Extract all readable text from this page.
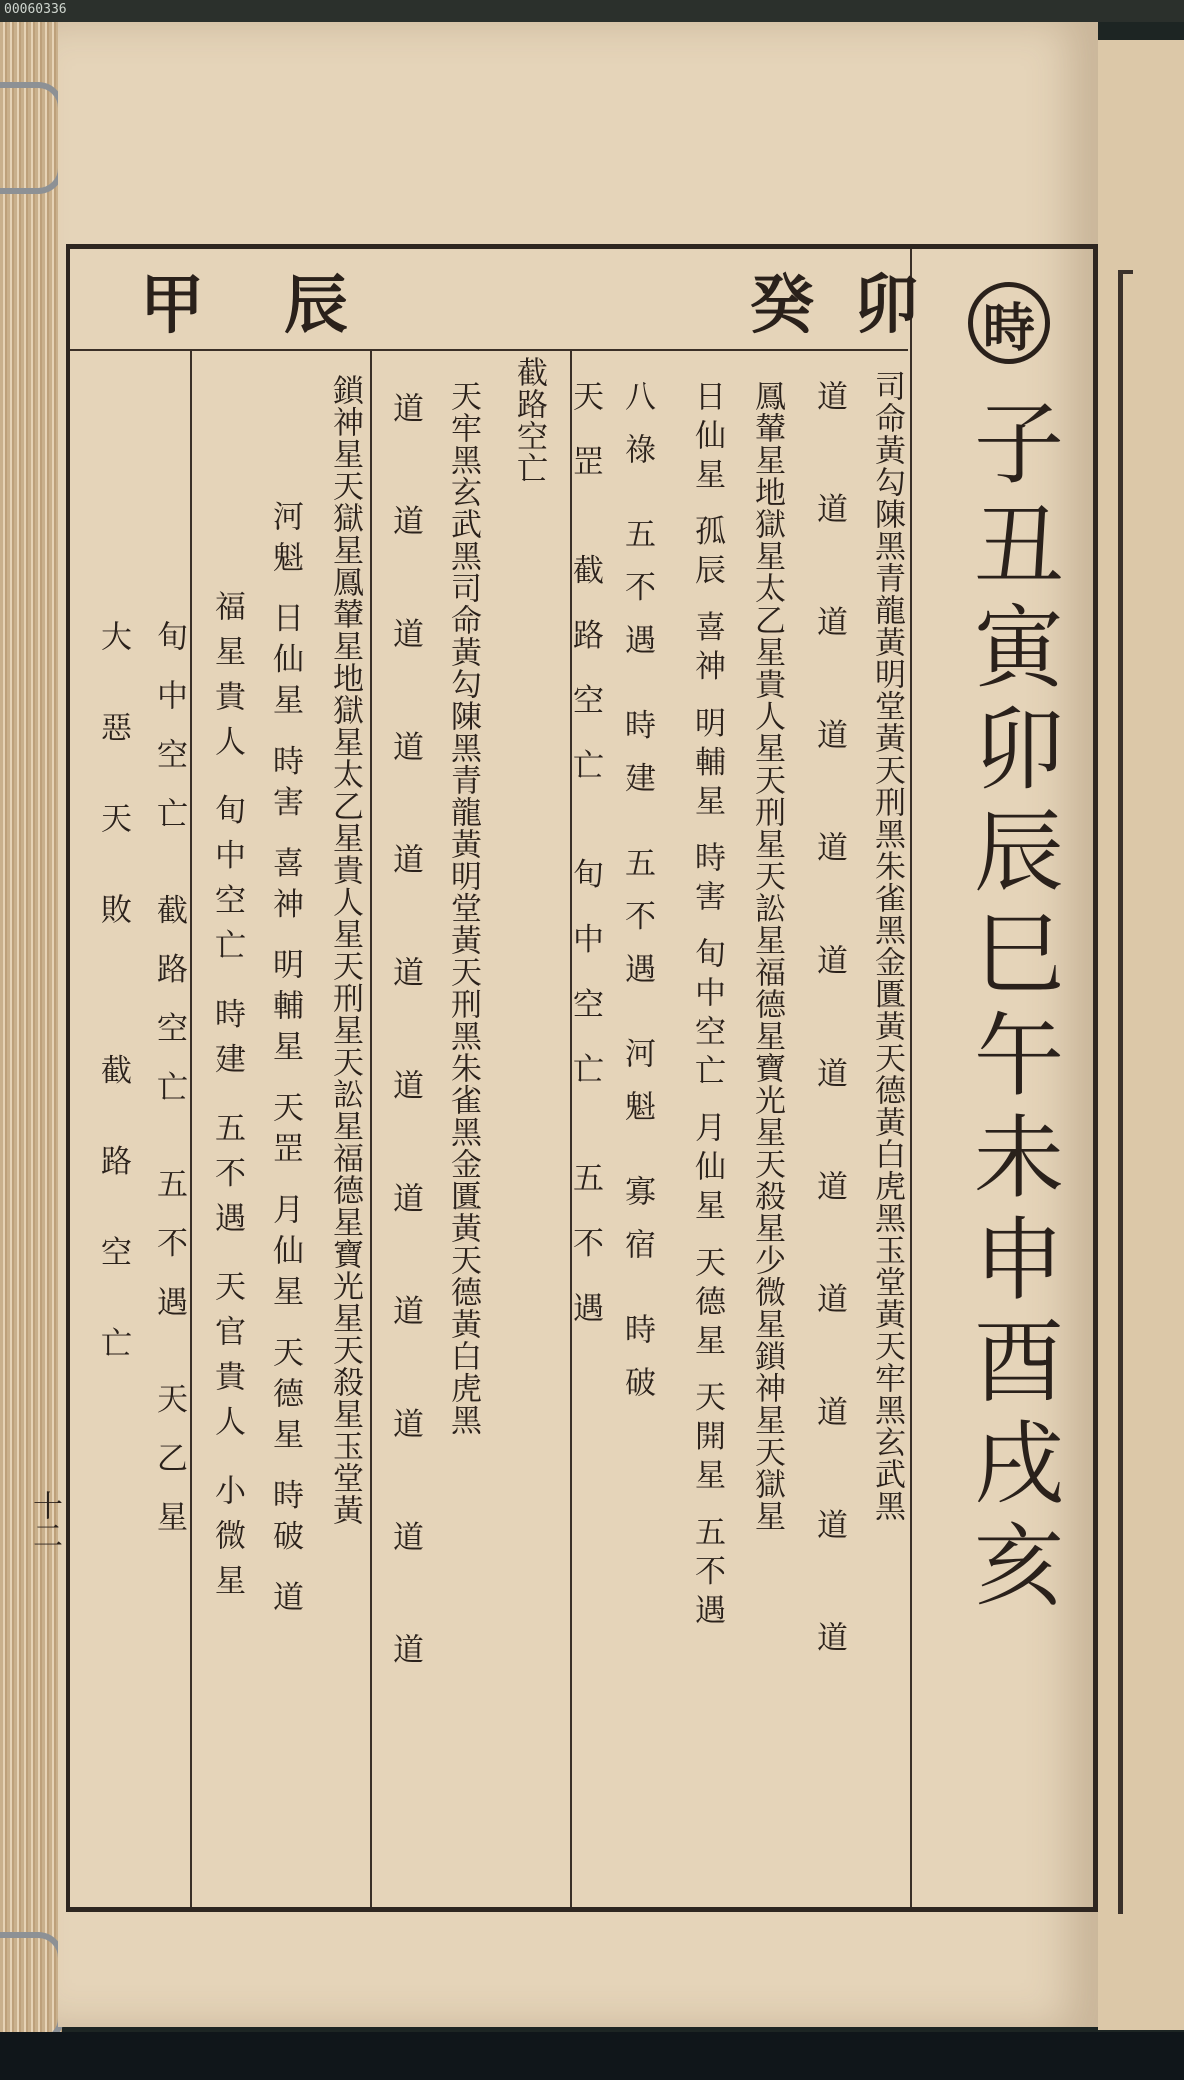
00060336
時
子丑寅卯辰巳午未申酉戌亥
癸卯
甲辰
司命黃勾陳黑青龍黃明堂黃天刑黑朱雀黑金匱黃天德黃白虎黑玉堂黃天牢黑玄武黑
道 道 道 道 道 道 道 道 道 道 道 道
鳳輦星地獄星太乙星貴人星天刑星天訟星福德星寶光星天殺星少微星鎖神星天獄星
日仙星 孤辰 喜神 明輔星 時害 旬中空亡 月仙星 天德星 天開星 五不遇
八祿 五不遇 時建 五不遇 河魁 寡宿 時破
天罡 截路空亡 旬中空亡 五不遇
截路空亡
天牢黑玄武黑司命黃勾陳黑青龍黃明堂黃天刑黑朱雀黑金匱黃天德黃白虎黑
道 道 道 道 道 道 道 道 道 道 道 道
鎖神星天獄星鳳輦星地獄星太乙星貴人星天刑星天訟星福德星寶光星天殺星玉堂黃
河魁 日仙星 時害 喜神 明輔星 天罡 月仙星 天德星 時破 道
福星貴人 旬中空亡 時建 五不遇 天官貴人 小微星
旬中空亡 截路空亡 五不遇 天乙星
大惡天敗 截路空亡
十二
